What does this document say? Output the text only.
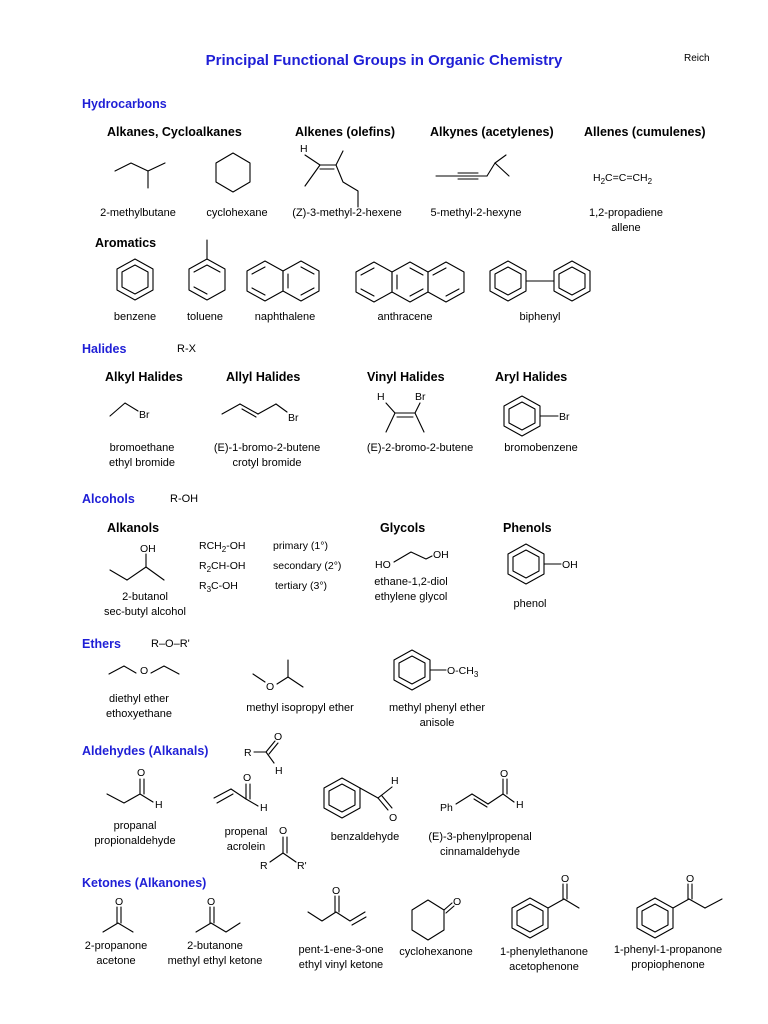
Principal Functional Groups in Organic Chemistry	Reich
Hydrocarbons
Halides	R-X
Alcohols	R-OH
Ethers	R–O–R'
Aldehydes (Alkanals)
Ketones (Alkanones)
Alkanes, Cycloalkanes	Alkenes (olefins)	Alkynes (acetylenes) Allenes (cumulenes)
Aromatics
2-methylbutane	cyclohexane	(Z)-3-methyl-2-hexene	5-methyl-2-hexyne	1,2-propadiene
allene
$H_2C=C=CH_2$
benzene	toluene	naphthalene	anthracene	biphenyl
Alkyl Halides	Allyl Halides	Vinyl Halides	Aryl Halides
bromoethane
ethyl bromide
(E)-1-bromo-2-butene
crotyl bromide
(E)-2-bromo-2-butene	bromobenzene
Alkanols	Glycols	Phenols
$RCH_2-OH$
$R_2CH-OH$
$R_3C-OH$
primary (1°)
secondary (2°)
tertiary (3°)
2-butanol
sec-butyl alcohol
ethane-1,2-diol
ethylene glycol
phenol
diethyl ether
ethoxyethane	methyl isopropyl ether	methyl phenyl ether
anisole
propanal
propionaldehyde
propenal
acrolein
benzaldehyde	(E)-3-phenylpropenal
cinnamaldehyde
2-propanone
acetone
2-butanone
methyl ethyl ketone
pent-1-ene-3-one
ethyl vinyl ketone
cyclohexanone	1-phenylethanone
acetophenone
1-phenyl-1-propanone
propiophenone
H
Br	Br
H	Br
Br
OH
HO
OH
OH
O
O
$O-CH_3$
R
O
H
O
H
O
H
H
O
Ph
O
H
R
O
R'
O	O
O
O
O	O
